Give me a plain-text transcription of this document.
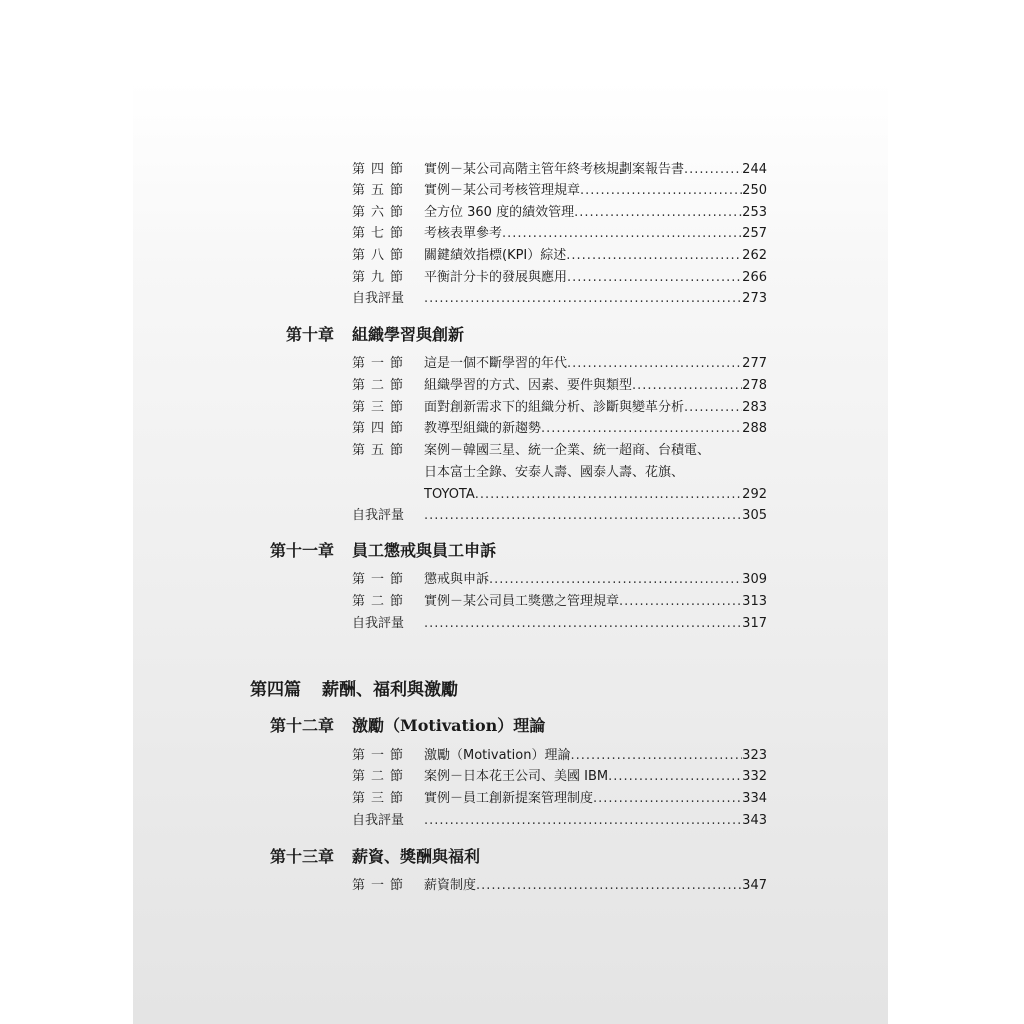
第 四 節	實例－某公司高階主管年終考核規劃案報告書 .....	244
第 五 節	實例－某公司考核管理規章 .....	250
第 六 節	全方位 360 度的績效管理 .....	253
第 七 節	考核表單參考 .....	257
第 八 節	關鍵績效指標(KPI）綜述 .....	262
第 九 節	平衡計分卡的發展與應用 .....	266
自我評量 .....	273
第十章 組織學習與創新
第 一 節	這是一個不斷學習的年代 .....	277
第 二 節	組織學習的方式、因素、要件與類型 .....	278
第 三 節	面對創新需求下的組織分析、診斷與變革分析 .....	283
第 四 節	教導型組織的新趨勢 .....	288
第 五 節	案例－韓國三星、統一企業、統一超商、台積電、
日本富士全錄、安泰人壽、國泰人壽、花旗、
TOYOTA .....	292
自我評量 .....	305
第十一章 員工懲戒與員工申訴
第 一 節	懲戒與申訴 .....	309
第 二 節	實例－某公司員工獎懲之管理規章 .....	313
自我評量 .....	317
第四篇 薪酬、福利與激勵
第十二章 激勵（Motivation）理論
第 一 節	激勵（Motivation）理論 .....	323
第 二 節	案例－日本花王公司、美國 IBM .....	332
第 三 節	實例－員工創新提案管理制度 .....	334
自我評量 .....	343
第十三章 薪資、獎酬與福利
第 一 節	薪資制度 .....	347
